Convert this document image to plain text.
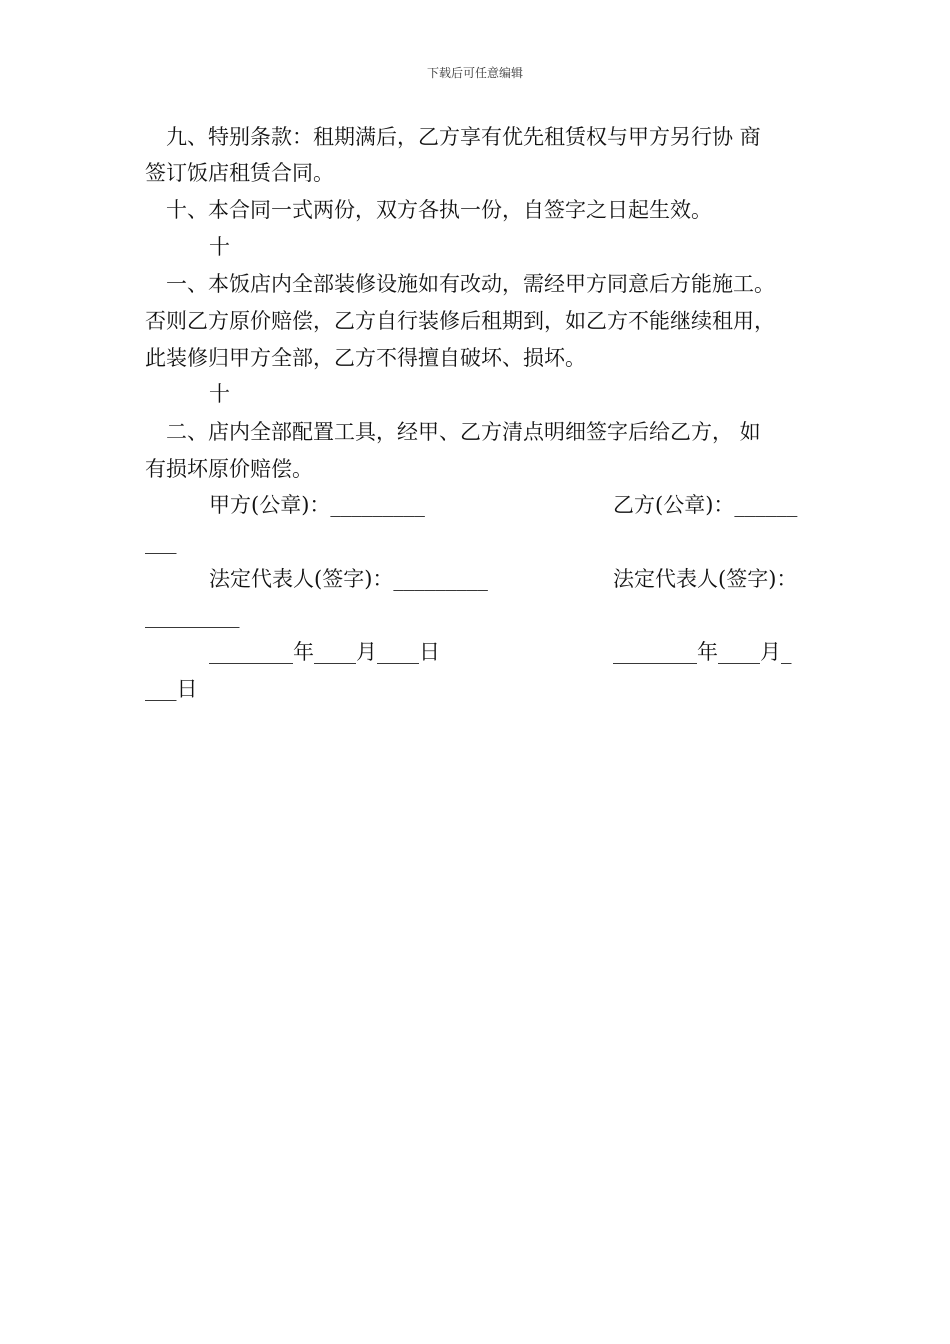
下载后可任意编辑
九、特别条款：租期满后，乙方享有优先租赁权与甲方另行协 商
签订饭店租赁合同。
十、本合同一式两份，双方各执一份，自签字之日起生效。
十
一、本饭店内全部装修设施如有改动，需经甲方同意后方能施工。
否则乙方原价赔偿，乙方自行装修后租期到，如乙方不能继续租用，
此装修归甲方全部，乙方不得擅自破坏、损坏。
十
二、店内全部配置工具，经甲、乙方清点明细签字后给乙方， 如
有损坏原价赔偿。
甲方(公章)：_________	乙方(公章)：______
___
法定代表人(签字)：_________	法定代表人(签字)：
_________
________年____月____日	________年____月_
___日
